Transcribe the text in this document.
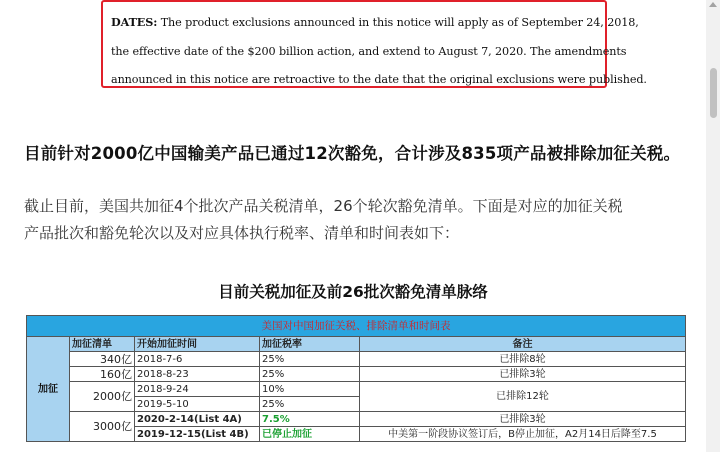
DATES: The product exclusions announced in this notice will apply as of September 24, 2018,
the effective date of the $200 billion action, and extend to August 7, 2020. The amendments
announced in this notice are retroactive to the date that the original exclusions were published.
目前针对2000亿中国输美产品已通过12次豁免，合计涉及835项产品被排除加征关税。
截止目前，美国共加征4个批次产品关税清单，26个轮次豁免清单。下面是对应的加征关税
产品批次和豁免轮次以及对应具体执行税率、清单和时间表如下：
目前关税加征及前26批次豁免清单脉络
美国对中国加征关税、排除清单和时间表				
加征	加征清单	开始加征时间	加征税率	备注
	340亿	2018-7-6	25%	已排除8轮
	160亿	2018-8-23	25%	已排除3轮
	2000亿	2018-9-24	10%	已排除12轮
		2019-5-10	25%	
	3000亿	2020-2-14(List 4A)	7.5%	已排除3轮
		2019-12-15(List 4B)	已停止加征	中美第一阶段协议签订后，B停止加征，A2月14日后降至7.5
